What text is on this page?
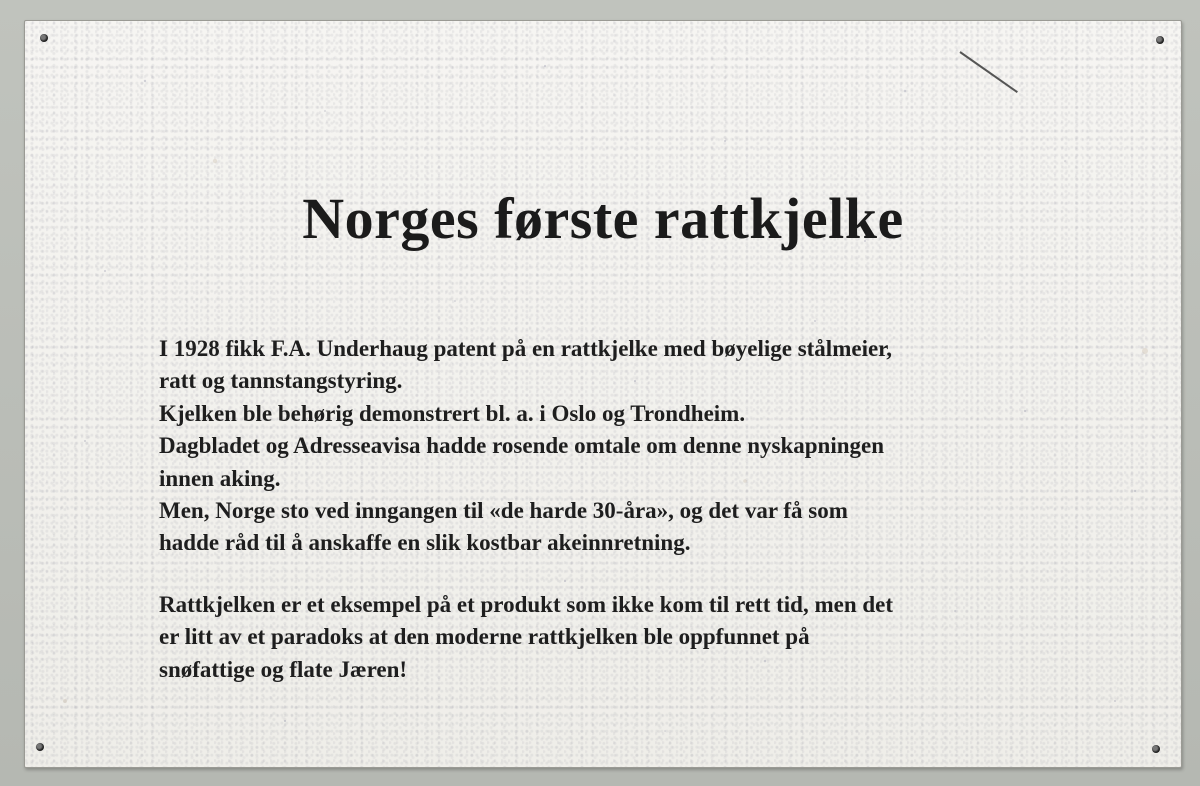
Norges første rattkjelke
I 1928 fikk F.A. Underhaug patent på en rattkjelke med bøyelige stålmeier,
ratt og tannstangstyring.
Kjelken ble behørig demonstrert bl. a. i Oslo og Trondheim.
Dagbladet og Adresseavisa hadde rosende omtale om denne nyskapningen
innen aking.
Men, Norge sto ved inngangen til «de harde 30-åra», og det var få som
hadde råd til å anskaffe en slik kostbar akeinnretning.
Rattkjelken er et eksempel på et produkt som ikke kom til rett tid, men det
er litt av et paradoks at den moderne rattkjelken ble oppfunnet på
snøfattige og flate Jæren!
